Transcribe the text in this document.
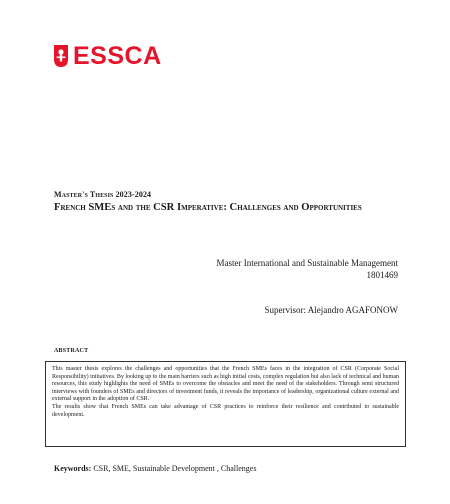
ESSCA
Master's Thesis 2023-2024
French SMEs and the CSR Imperative: Challenges and Opportunities
Master International and Sustainable Management
1801469
Supervisor: Alejandro AGAFONOW
ABSTRACT

This master thesis explores the challenges and opportunities that the French SMEs faces in the integration of CSR (Corporate Social Responsibility) initiatives. By looking up to the main barriers such as high initial costs, complex regulation but also lack of technical and human resources, this study highlights the need of SMEs to overcome the obstacles and meet the need of the stakeholders. Through semi structured interviews with founders of SMEs and directors of investment funds, it reveals the importance of leadership, organizational culture external and external support in the adoption of CSR.

The results show that French SMEs can take advantage of CSR practices to reinforce their resilience and contributed to sustainable development.

Keywords: CSR, SME, Sustainable Development , Challenges
